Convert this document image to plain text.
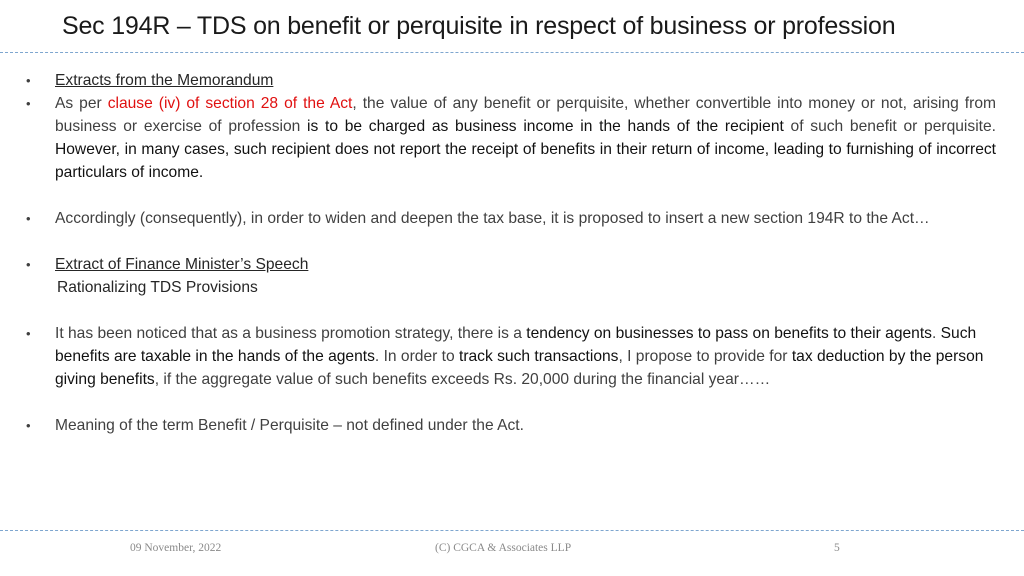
Sec 194R – TDS on benefit or perquisite in respect of business or profession
•	Extracts from the Memorandum
•	As per clause (iv) of section 28 of the Act, the value of any benefit or perquisite, whether convertible into money or not, arising from business or exercise of profession is to be charged as business income in the hands of the recipient of such benefit or perquisite. However, in many cases, such recipient does not report the receipt of benefits in their return of income, leading to furnishing of incorrect particulars of income.
•	Accordingly (consequently), in order to widen and deepen the tax base, it is proposed to insert a new section 194R to the Act…
•	Extract of Finance Minister’s Speech
Rationalizing TDS Provisions
•	It has been noticed that as a business promotion strategy, there is a tendency on businesses to pass on benefits to their agents. Such benefits are taxable in the hands of the agents. In order to track such transactions, I propose to provide for tax deduction by the person giving benefits, if the aggregate value of such benefits exceeds Rs. 20,000 during the financial year……
•	Meaning of the term Benefit / Perquisite – not defined under the Act.
09 November, 2022	(C) CGCA & Associates LLP	5
